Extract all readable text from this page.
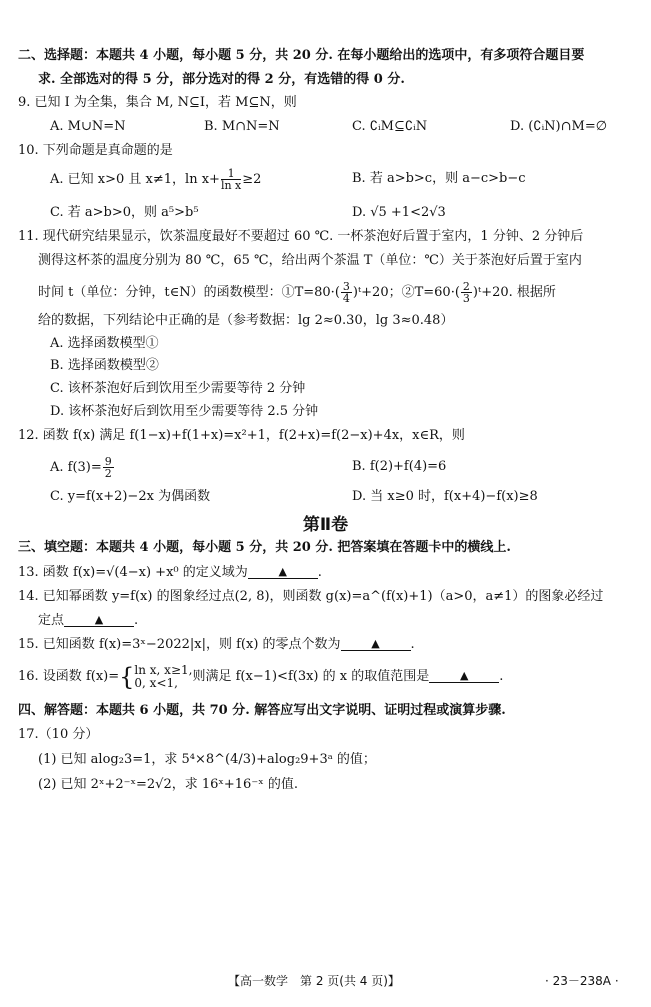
二、选择题：本题共 4 小题，每小题 5 分，共 20 分. 在每小题给出的选项中，有多项符合题目要
求. 全部选对的得 5 分，部分选对的得 2 分，有选错的得 0 分.
9. 已知 I 为全集，集合 M, N⊆I，若 M⊆N，则
A. M∪N=N	B. M∩N=N	C. ∁ᵢM⊆∁ᵢN	D. (∁ᵢN)∩M=∅
10. 下列命题是真命题的是
A. 已知 x>0 且 x≠1，$\ln x+ \frac{1}{\text{ln x}} \ge 2$	B. 若 a>b>c，则 a−c>b−c
C. 若 a>b>0，则 a⁵>b⁵	D. √5 +1<2√3
11. 现代研究结果显示，饮茶温度最好不要超过 60 ℃. 一杯茶泡好后置于室内，1 分钟、2 分钟后
测得这杯茶的温度分别为 80 ℃，65 ℃，给出两个茶温 T（单位：℃）关于茶泡好后置于室内
时间 t（单位：分钟，t∈N）的函数模型：①T=80·( $\frac{3}{4}$ )ᵗ+20；②T=60·( $\frac{2}{3}$ )ᵗ+20. 根据所
给的数据，下列结论中正确的是（参考数据：lg 2≈0.30，lg 3≈0.48）
A. 选择函数模型①
B. 选择函数模型②
C. 该杯茶泡好后到饮用至少需要等待 2 分钟
D. 该杯茶泡好后到饮用至少需要等待 2.5 分钟
12. 函数 f(x) 满足 f(1−x)+f(1+x)=x²+1，f(2+x)=f(2−x)+4x，x∈R，则
A. $f(3)= \frac{9}{2}$	B. f(2)+f(4)=6
C. y=f(x+2)−2x 为偶函数	D. 当 x≥0 时，f(x+4)−f(x)≥8
第Ⅱ卷
三、填空题：本题共 4 小题，每小题 5 分，共 20 分. 把答案填在答题卡中的横线上.
13. 函数 f(x)=√(4−x) +x⁰ 的定义域为	▲ .
14. 已知幂函数 y=f(x) 的图象经过点(2, 8)，则函数 g(x)=a^(f(x)+1)（a>0，a≠1）的图象必经过
定点	▲ .
15. 已知函数 f(x)=3ˣ−2022|x|，则 f(x) 的零点个数为	▲ .
16. 设函数 f(x)={ ln x, x≥1,
0, x<1,	则满足 f(x−1)<f(3x) 的 x 的取值范围是	▲ .
四、解答题：本题共 6 小题，共 70 分. 解答应写出文字说明、证明过程或演算步骤.
17.（10 分）
(1) 已知 alog₂3=1，求 5⁴×8^(4/3)+alog₂9+3ᵃ 的值；
(2) 已知 2ˣ+2⁻ˣ=2√2，求 16ˣ+16⁻ˣ 的值.
【高一数学　第 2 页(共 4 页)】	· 23－238A ·
